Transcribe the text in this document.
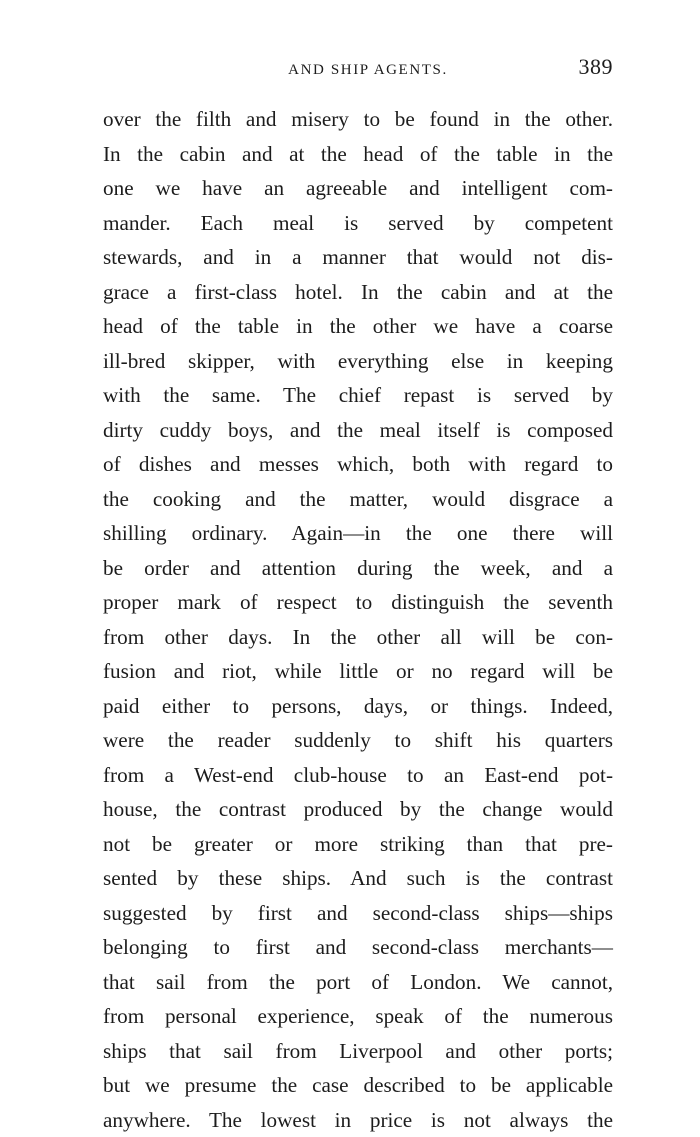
AND SHIP AGENTS.	389
over the filth and misery to be found in the other.
In the cabin and at the head of the table in the
one we have an agreeable and intelligent com-
mander. Each meal is served by competent
stewards, and in a manner that would not dis-
grace a first-class hotel. In the cabin and at the
head of the table in the other we have a coarse
ill-bred skipper, with everything else in keeping
with the same. The chief repast is served by
dirty cuddy boys, and the meal itself is composed
of dishes and messes which, both with regard to
the cooking and the matter, would disgrace a
shilling ordinary. Again—in the one there will
be order and attention during the week, and a
proper mark of respect to distinguish the seventh
from other days. In the other all will be con-
fusion and riot, while little or no regard will be
paid either to persons, days, or things. Indeed,
were the reader suddenly to shift his quarters
from a West-end club-house to an East-end pot-
house, the contrast produced by the change would
not be greater or more striking than that pre-
sented by these ships. And such is the contrast
suggested by first and second-class ships—ships
belonging to first and second-class merchants—
that sail from the port of London. We cannot,
from personal experience, speak of the numerous
ships that sail from Liverpool and other ports;
but we presume the case described to be applicable
anywhere. The lowest in price is not always the
